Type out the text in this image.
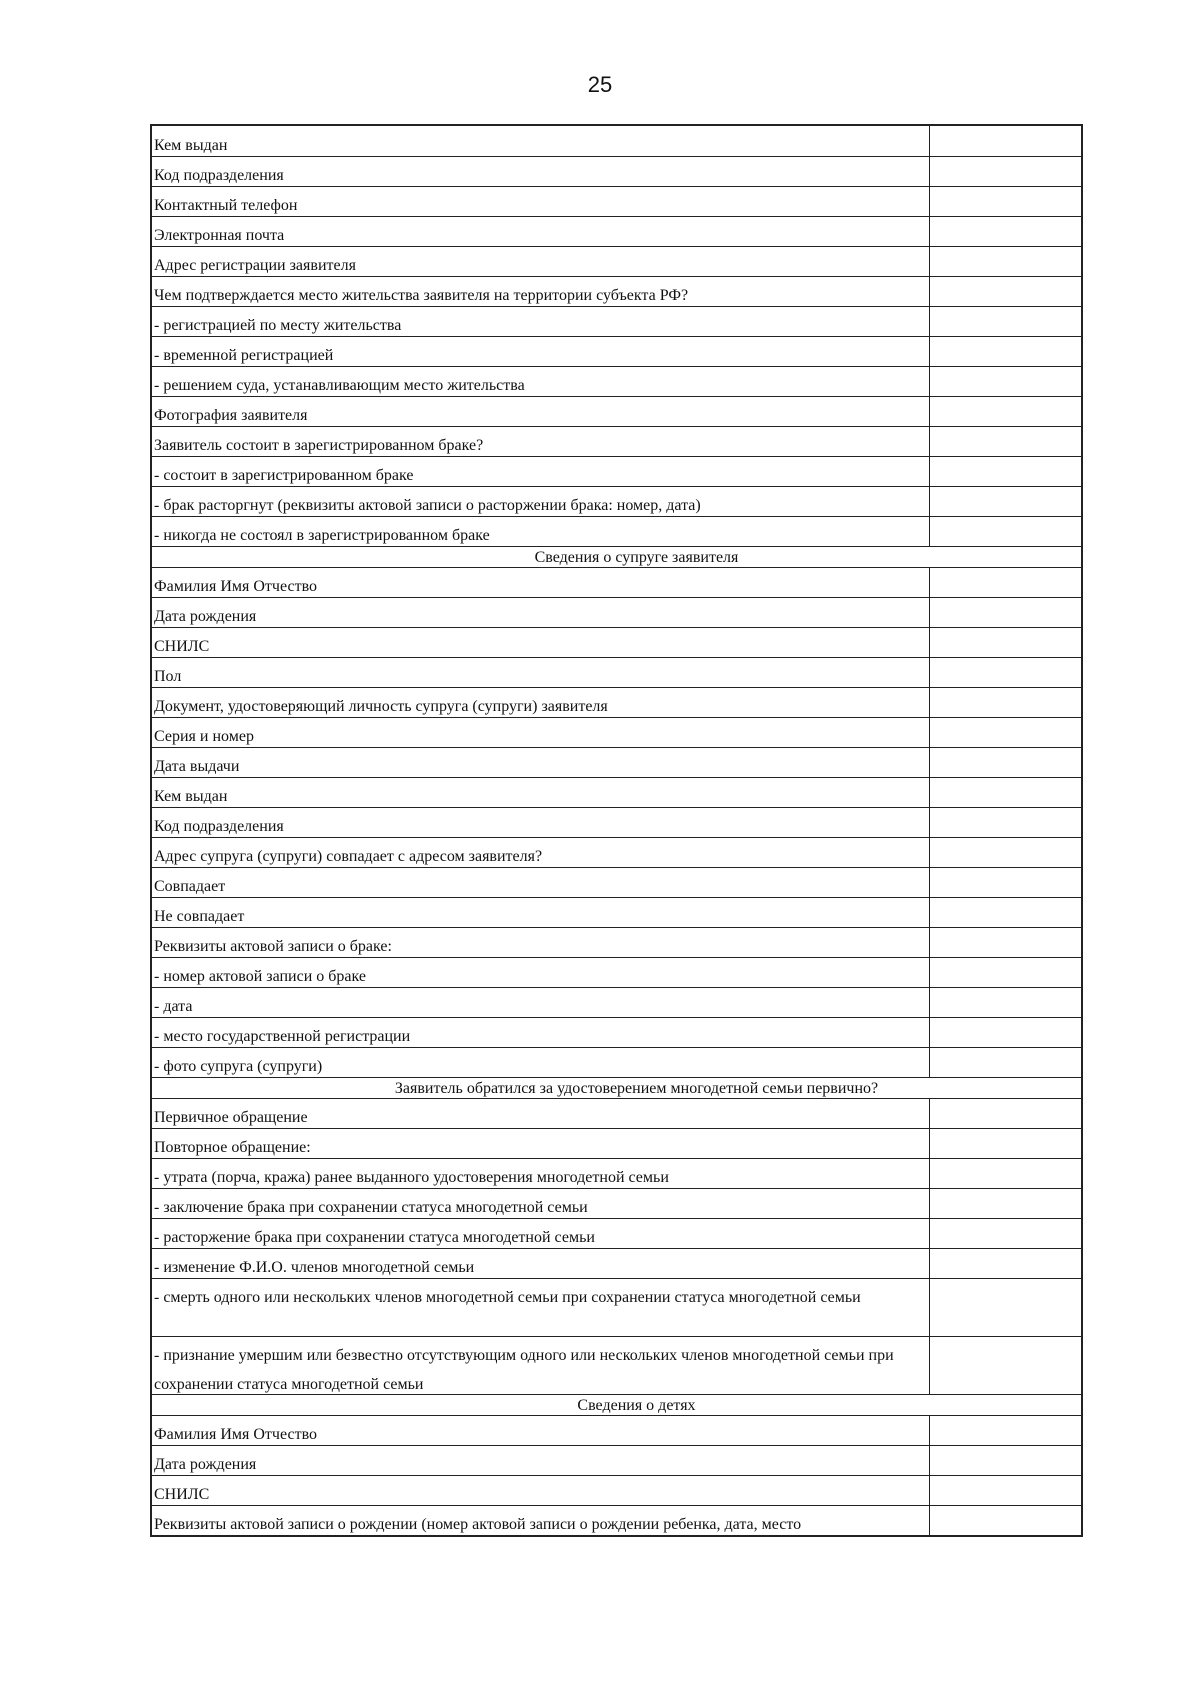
25
Кем выдан
Код подразделения
Контактный телефон
Электронная почта
Адрес регистрации заявителя
Чем подтверждается место жительства заявителя на территории субъекта РФ?
- регистрацией по месту жительства
- временной регистрацией
- решением суда, устанавливающим место жительства
Фотография заявителя
Заявитель состоит в зарегистрированном браке?
- состоит в зарегистрированном браке
- брак расторгнут (реквизиты актовой записи о расторжении брака: номер, дата)
- никогда не состоял в зарегистрированном браке
Сведения о супруге заявителя
Фамилия Имя Отчество
Дата рождения
СНИЛС
Пол
Документ, удостоверяющий личность супруга (супруги) заявителя
Серия и номер
Дата выдачи
Кем выдан
Код подразделения
Адрес супруга (супруги) совпадает с адресом заявителя?
Совпадает
Не совпадает
Реквизиты актовой записи о браке:
- номер актовой записи о браке
- дата
- место государственной регистрации
- фото супруга (супруги)
Заявитель обратился за удостоверением многодетной семьи первично?
Первичное обращение
Повторное обращение:
- утрата (порча, кража) ранее выданного удостоверения многодетной семьи
- заключение брака при сохранении статуса многодетной семьи
- расторжение брака при сохранении статуса многодетной семьи
- изменение Ф.И.О. членов многодетной семьи
- смерть одного или нескольких членов многодетной семьи при сохранении статуса многодетной семьи
- признание умершим или безвестно отсутствующим одного или нескольких членов многодетной семьи при сохранении статуса многодетной семьи
Сведения о детях
Фамилия Имя Отчество
Дата рождения
СНИЛС
Реквизиты актовой записи о рождении (номер актовой записи о рождении ребенка, дата, место
